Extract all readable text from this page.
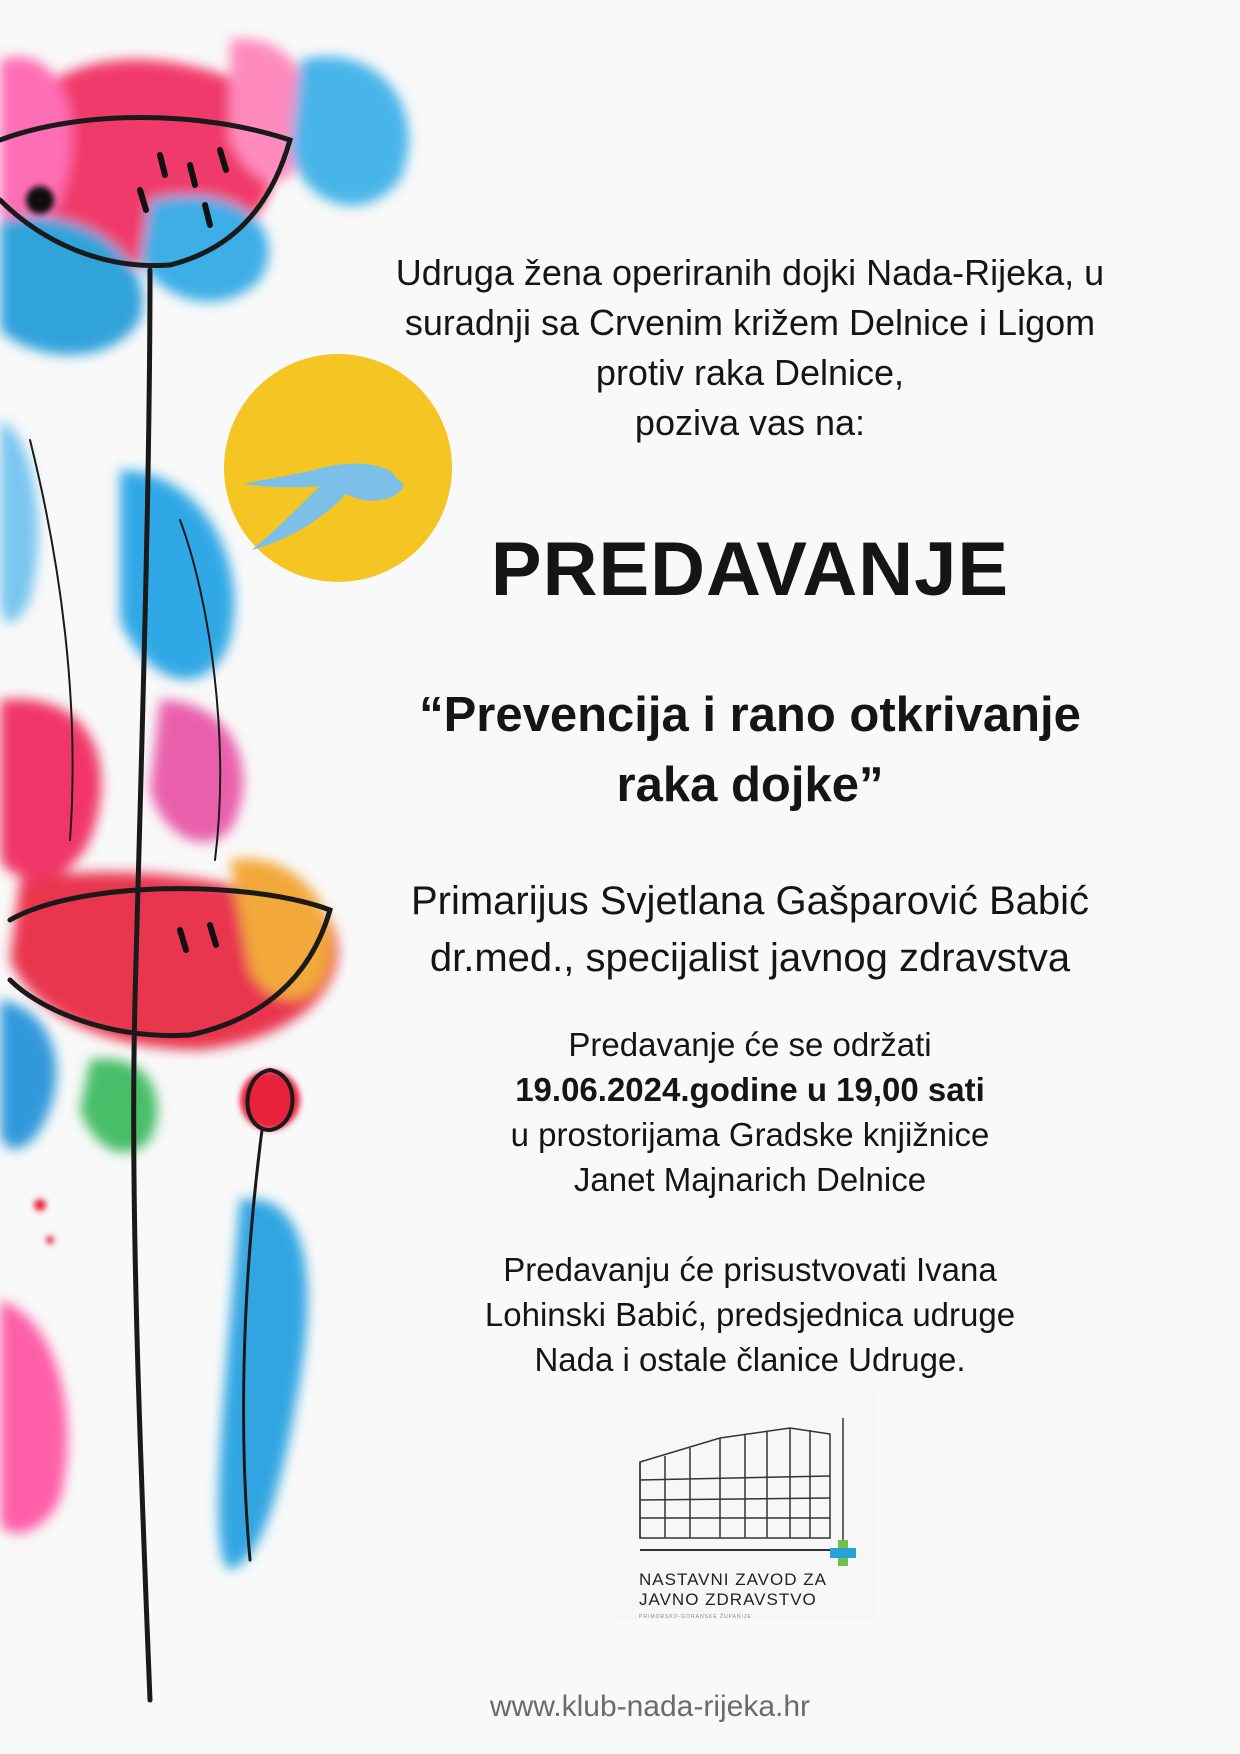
Udruga žena operiranih dojki Nada-Rijeka, u

suradnji sa Crvenim križem Delnice i Ligom

protiv raka Delnice,

poziva vas na:

PREDAVANJE
“Prevencija i rano otkrivanje
raka dojke”
Primarijus Svjetlana Gašparović Babić
dr.med., specijalist javnog zdravstva
Predavanje će se održati
19.06.2024.godine u 19,00 sati
u prostorijama Gradske knjižnice
Janet Majnarich Delnice
Predavanju će prisustvovati Ivana
Lohinski Babić, predsjednica udruge
Nada i ostale članice Udruge.
NASTAVNI ZAVOD ZA
JAVNO ZDRAVSTVO
PRIMORSKO-GORANSKE ŽUPANIJE
www.klub-nada-rijeka.hr
